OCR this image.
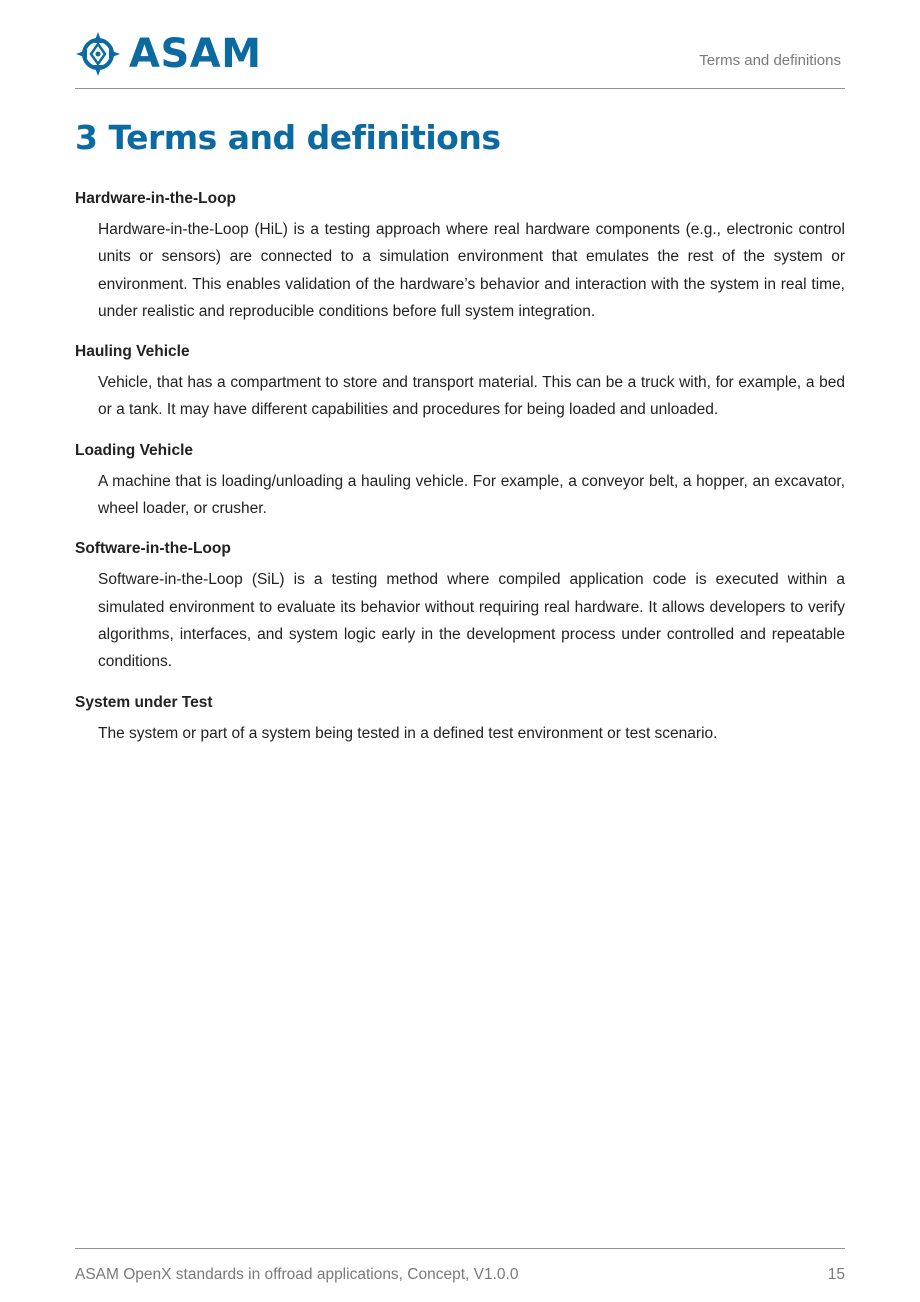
ASAM	Terms and definitions
3 Terms and definitions
Hardware-in-the-Loop

Hardware-in-the-Loop (HiL) is a testing approach where real hardware components (e.g., electronic control units or sensors) are connected to a simulation environment that emulates the rest of the system or environment. This enables validation of the hardware’s behavior and interaction with the system in real time, under realistic and reproducible conditions before full system integration.

Hauling Vehicle

Vehicle, that has a compartment to store and transport material. This can be a truck with, for example, a bed or a tank. It may have different capabilities and procedures for being loaded and unloaded.

Loading Vehicle

A machine that is loading/unloading a hauling vehicle. For example, a conveyor belt, a hopper, an excavator, wheel loader, or crusher.

Software-in-the-Loop

Software-in-the-Loop (SiL) is a testing method where compiled application code is executed within a simulated environment to evaluate its behavior without requiring real hardware. It allows developers to verify algorithms, interfaces, and system logic early in the development process under controlled and repeatable conditions.

System under Test

The system or part of a system being tested in a defined test environment or test scenario.

ASAM OpenX standards in offroad applications, Concept, V1.0.0	15
